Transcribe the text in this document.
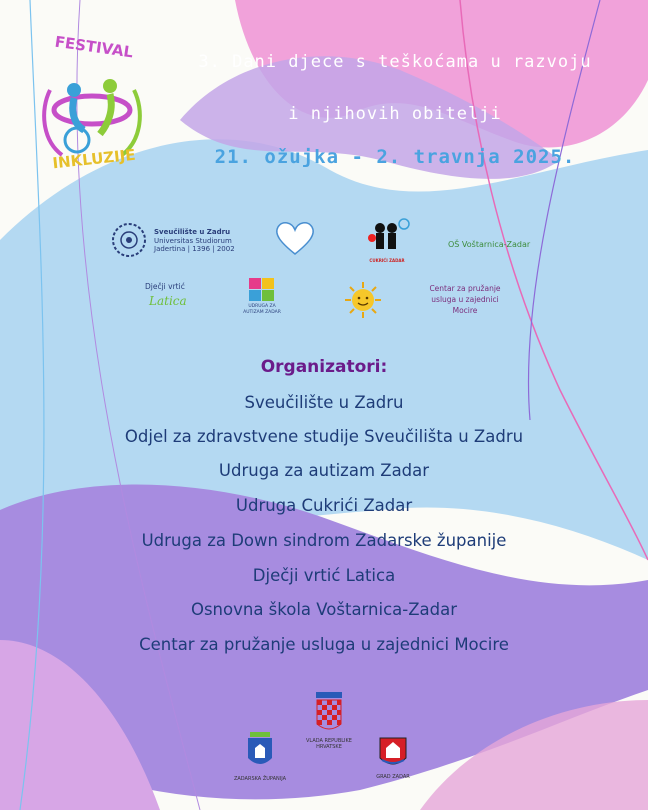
FESTIVAL
INKLUZIJE
3. Dani djece s teškoćama u razvoju
i njihovih obitelji
21. ožujka - 2. travnja 2025.
Sveučilište u Zadru
Universitas Studiorum
Jadertina | 1396 | 2002
CUKRIĆI ZADAR
OŠ Voštarnica-Zadar
Dječji vrtić
Latica	UDRUGA ZA
AUTIZAM ZADAR
Centar za pružanje
usluga u zajednici
Mocire
Organizatori:
Sveučilište u Zadru
Odjel za zdravstvene studije Sveučilišta u Zadru
Udruga za autizam Zadar
Udruga Cukrići Zadar
Udruga za Down sindrom Zadarske županije
Dječji vrtić Latica
Osnovna škola Voštarnica-Zadar
Centar za pružanje usluga u zajednici Mocire
VLADA REPUBLIKE HRVATSKE
ZADARSKA ŽUPANIJA	GRAD ZADAR
